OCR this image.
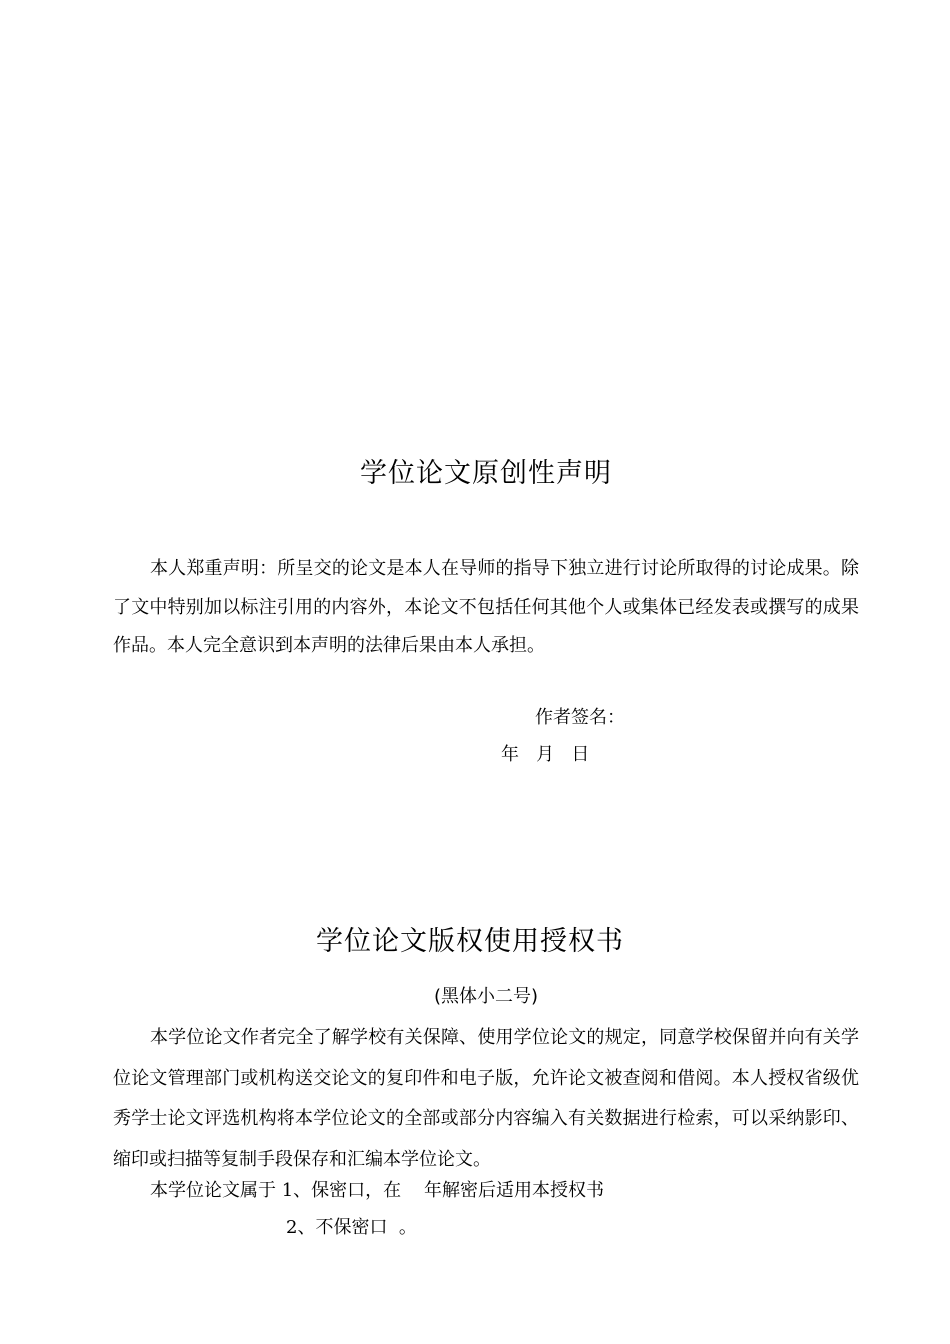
学位论文原创性声明

本人郑重声明：所呈交的论文是本人在导师的指导下独立进行讨论所取得的讨论成果。除了文中特别加以标注引用的内容外，本论文不包括任何其他个人或集体已经发表或撰写的成果作品。本人完全意识到本声明的法律后果由本人承担。

作者签名：
年   月   日
学位论文版权使用授权书
(黑体小二号)

本学位论文作者完全了解学校有关保障、使用学位论文的规定，同意学校保留并向有关学位论文管理部门或机构送交论文的复印件和电子版，允许论文被查阅和借阅。本人授权省级优秀学士论文评选机构将本学位论文的全部或部分内容编入有关数据进行检索，可以采纳影印、缩印或扫描等复制手段保存和汇编本学位论文。

本学位论文属于 1、保密口，在    年解密后适用本授权书
2、不保密口  。
